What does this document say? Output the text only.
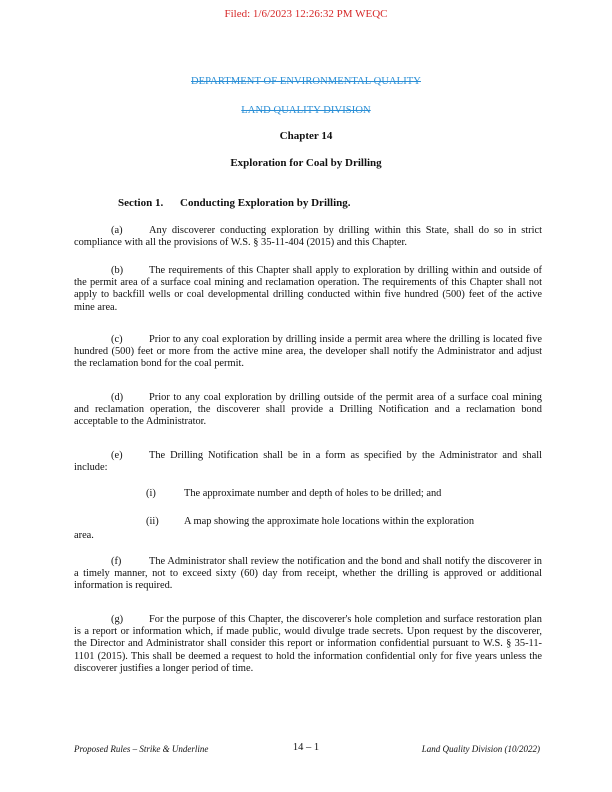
Filed: 1/6/2023 12:26:32 PM WEQC
DEPARTMENT OF ENVIRONMENTAL QUALITY
LAND QUALITY DIVISION
Chapter 14
Exploration for Coal by Drilling
Section 1. Conducting Exploration by Drilling.
(a)	Any discoverer conducting exploration by drilling within this State, shall do so in strict compliance with all the provisions of W.S. § 35-11-404 (2015) and this Chapter.
(b) The requirements of this Chapter shall apply to exploration by drilling within and outside of the permit area of a surface coal mining and reclamation operation. The requirements of this Chapter shall not apply to backfill wells or coal developmental drilling conducted within five hundred (500) feet of the active mine area.
(c)	Prior to any coal exploration by drilling inside a permit area where the drilling is located five hundred (500) feet or more from the active mine area, the developer shall notify the Administrator and adjust the reclamation bond for the coal permit.
(d) Prior to any coal exploration by drilling outside of the permit area of a surface coal mining and reclamation operation, the discoverer shall provide a Drilling Notification and a reclamation bond acceptable to the Administrator.
(e)	The Drilling Notification shall be in a form as specified by the Administrator and shall include:
(i)	The approximate number and depth of holes to be drilled; and
(ii) A map showing the approximate hole locations within the exploration
area.
(f)	The Administrator shall review the notification and the bond and shall notify the discoverer in a timely manner, not to exceed sixty (60) day from receipt, whether the drilling is approved or additional information is required.
(g) For the purpose of this Chapter, the discoverer's hole completion and surface restoration plan is a report or information which, if made public, would divulge trade secrets. Upon request by the discoverer, the Director and Administrator shall consider this report or information confidential pursuant to W.S. § 35-11-1101 (2015). This shall be deemed a request to hold the information confidential only for five years unless the discoverer justifies a longer period of time.
Proposed Rules – Strike & Underline	14 – 1	Land Quality Division (10/2022)
